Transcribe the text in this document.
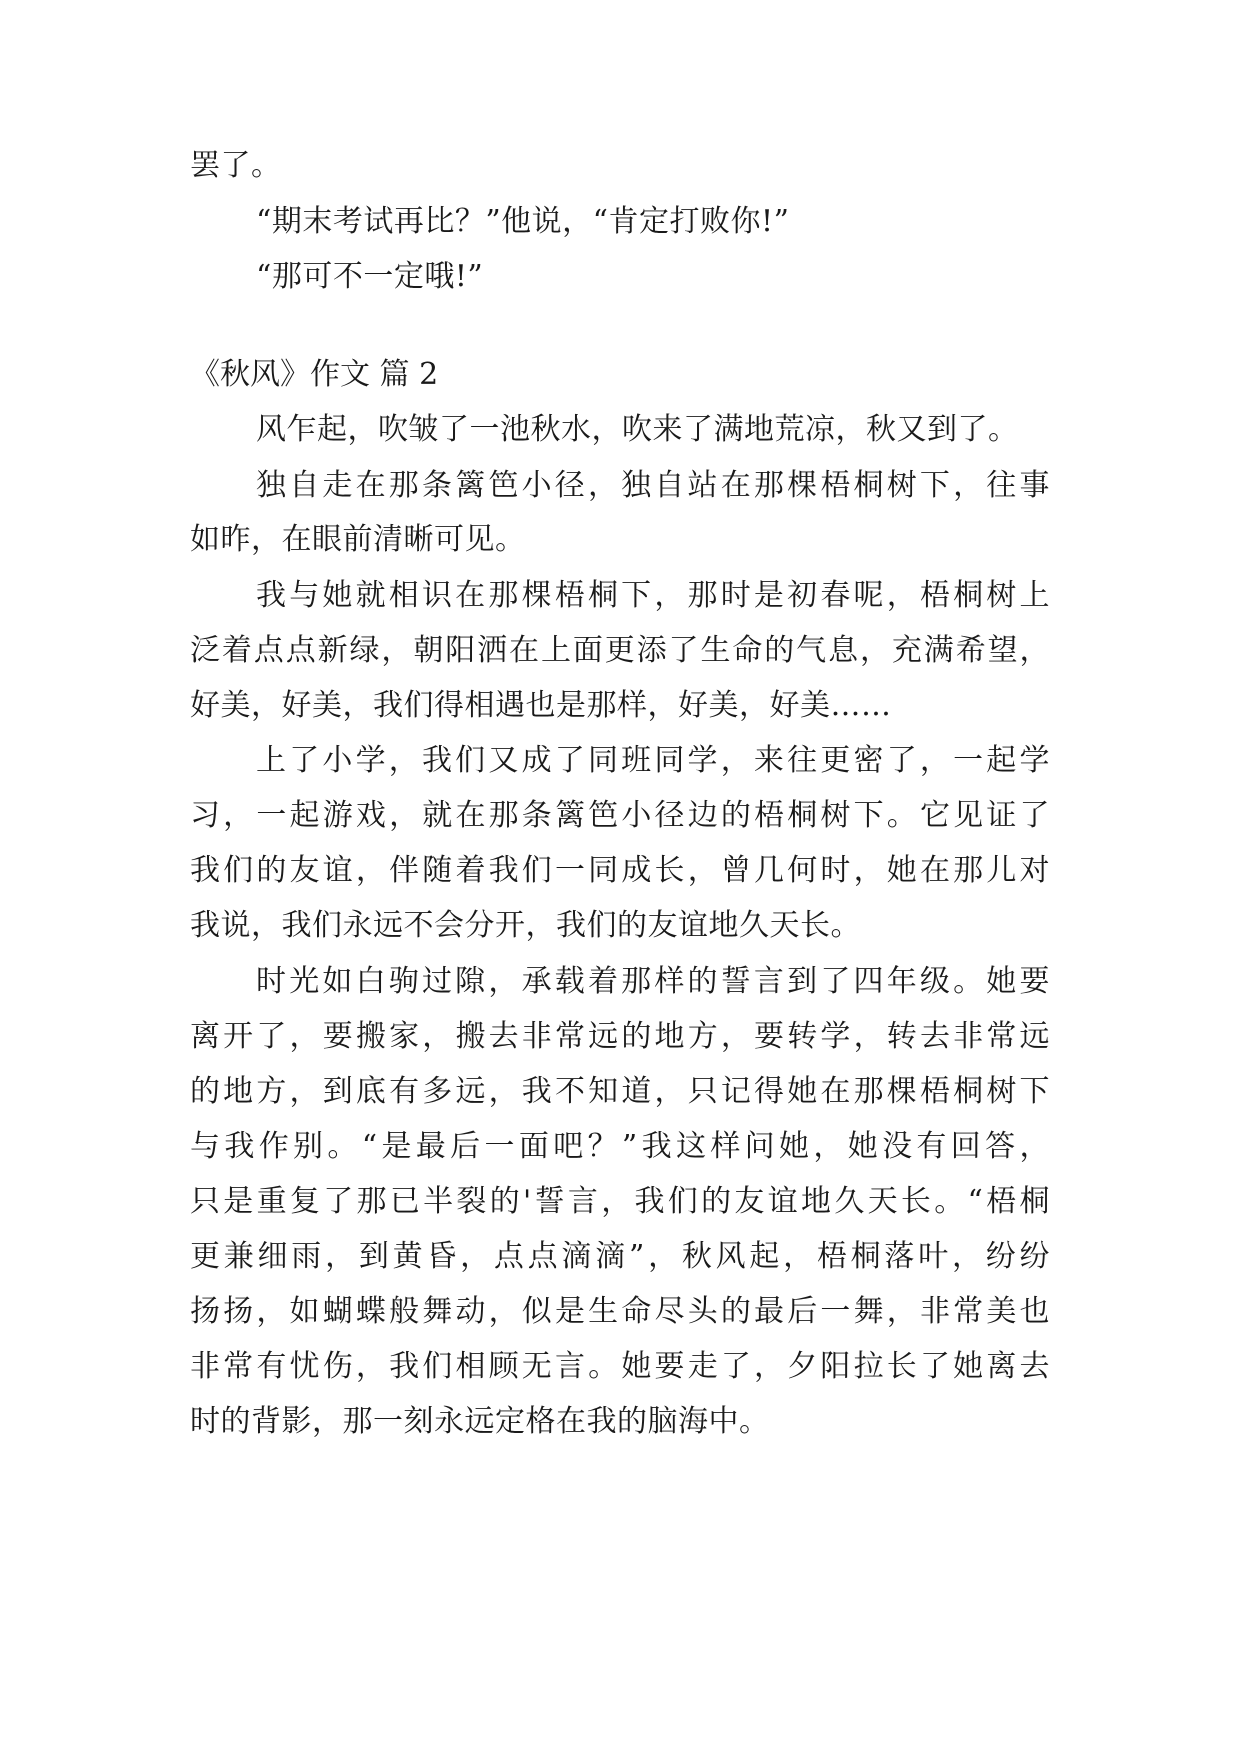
罢了。
“期末考试再比？”他说，“肯定打败你!”
“那可不一定哦!”
《秋风》作文 篇 2
风乍起，吹皱了一池秋水，吹来了满地荒凉，秋又到了。
独自走在那条篱笆小径，独自站在那棵梧桐树下，往事
如昨，在眼前清晰可见。
我与她就相识在那棵梧桐下，那时是初春呢，梧桐树上
泛着点点新绿，朝阳洒在上面更添了生命的气息，充满希望，
好美，好美，我们得相遇也是那样，好美，好美……
上了小学，我们又成了同班同学，来往更密了，一起学
习，一起游戏，就在那条篱笆小径边的梧桐树下。它见证了
我们的友谊，伴随着我们一同成长，曾几何时，她在那儿对
我说，我们永远不会分开，我们的友谊地久天长。
时光如白驹过隙，承载着那样的誓言到了四年级。她要
离开了，要搬家，搬去非常远的地方，要转学，转去非常远
的地方，到底有多远，我不知道，只记得她在那棵梧桐树下
与我作别。“是最后一面吧？”我这样问她，她没有回答，
只是重复了那已半裂的'誓言，我们的友谊地久天长。“梧桐
更兼细雨，到黄昏，点点滴滴”，秋风起，梧桐落叶，纷纷
扬扬，如蝴蝶般舞动，似是生命尽头的最后一舞，非常美也
非常有忧伤，我们相顾无言。她要走了，夕阳拉长了她离去
时的背影，那一刻永远定格在我的脑海中。
